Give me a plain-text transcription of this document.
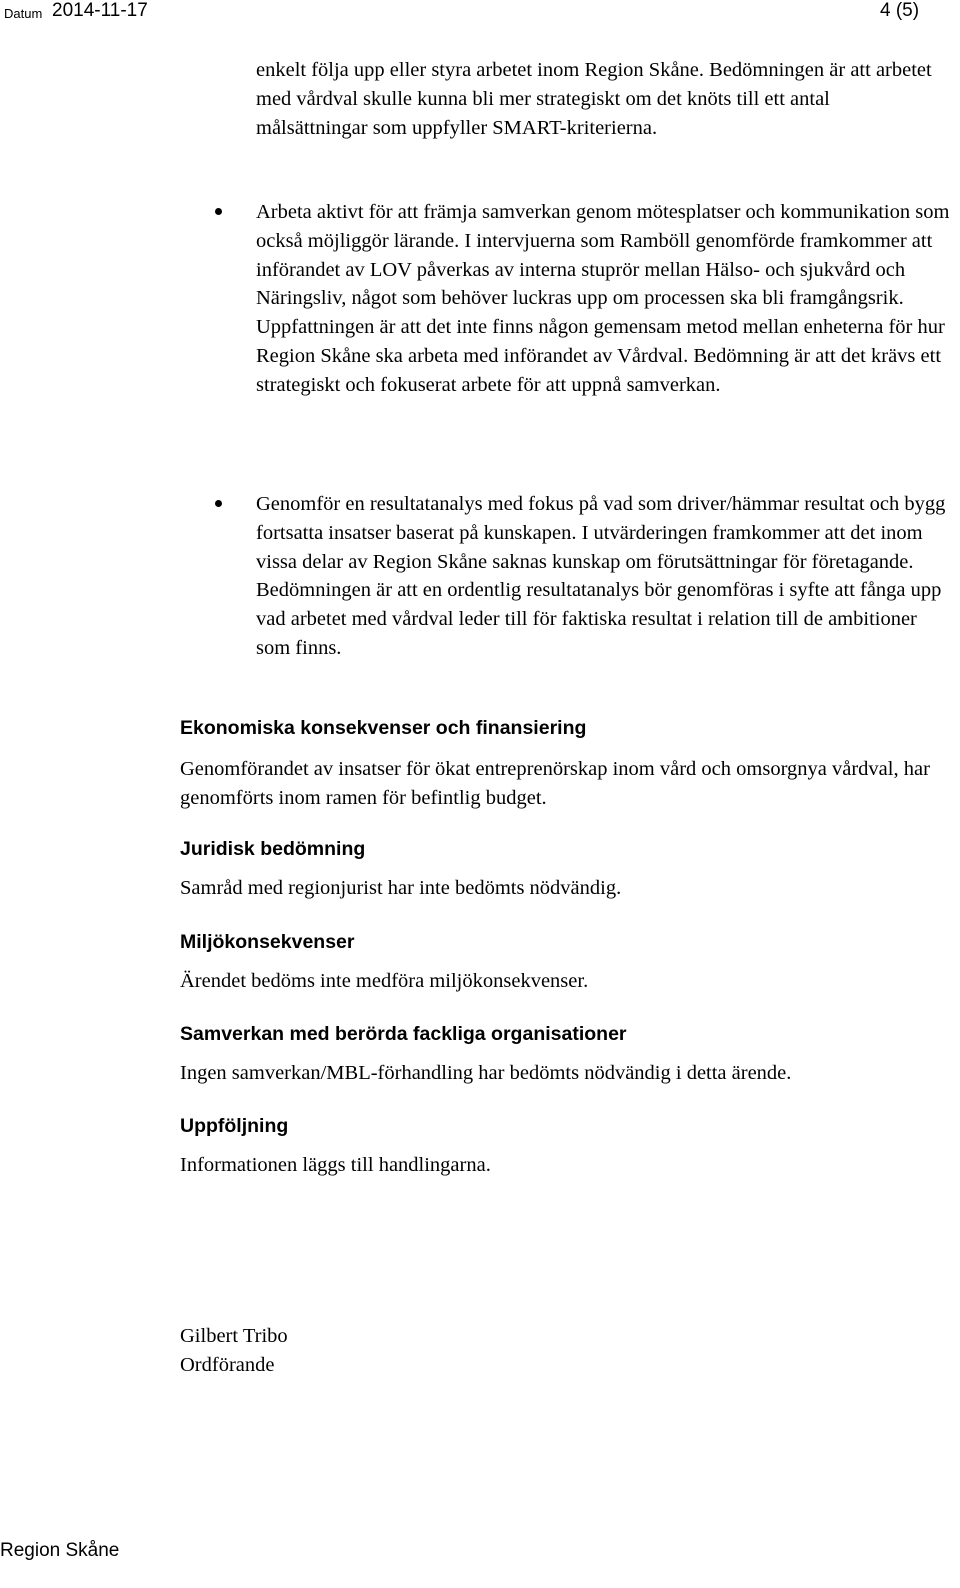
Datum 2014-11-17	4 (5)

enkelt följa upp eller styra arbetet inom Region Skåne. Bedömningen är att arbetet med vårdval skulle kunna bli mer strategiskt om det knöts till ett antal målsättningar som uppfyller SMART-kriterierna.

Arbeta aktivt för att främja samverkan genom mötesplatser och kommunikation som också möjliggör lärande. I intervjuerna som Ramböll genomförde framkommer att införandet av LOV påverkas av interna stuprör mellan Hälso- och sjukvård och Näringsliv, något som behöver luckras upp om processen ska bli framgångsrik. Uppfattningen är att det inte finns någon gemensam metod mellan enheterna för hur Region Skåne ska arbeta med införandet av Vårdval. Bedömning är att det krävs ett strategiskt och fokuserat arbete för att uppnå samverkan.

Genomför en resultatanalys med fokus på vad som driver/hämmar resultat och bygg fortsatta insatser baserat på kunskapen. I utvärderingen framkommer att det inom vissa delar av Region Skåne saknas kunskap om förutsättningar för företagande. Bedömningen är att en ordentlig resultatanalys bör genomföras i syfte att fånga upp vad arbetet med vårdval leder till för faktiska resultat i relation till de ambitioner som finns.

Ekonomiska konsekvenser och finansiering

Genomförandet av insatser för ökat entreprenörskap inom vård och omsorgnya vårdval, har genomförts inom ramen för befintlig budget.

Juridisk bedömning

Samråd med regionjurist har inte bedömts nödvändig.

Miljökonsekvenser

Ärendet bedöms inte medföra miljökonsekvenser.

Samverkan med berörda fackliga organisationer

Ingen samverkan/MBL-förhandling har bedömts nödvändig i detta ärende.

Uppföljning

Informationen läggs till handlingarna.

Gilbert Tribo
Ordförande
Region Skåne
